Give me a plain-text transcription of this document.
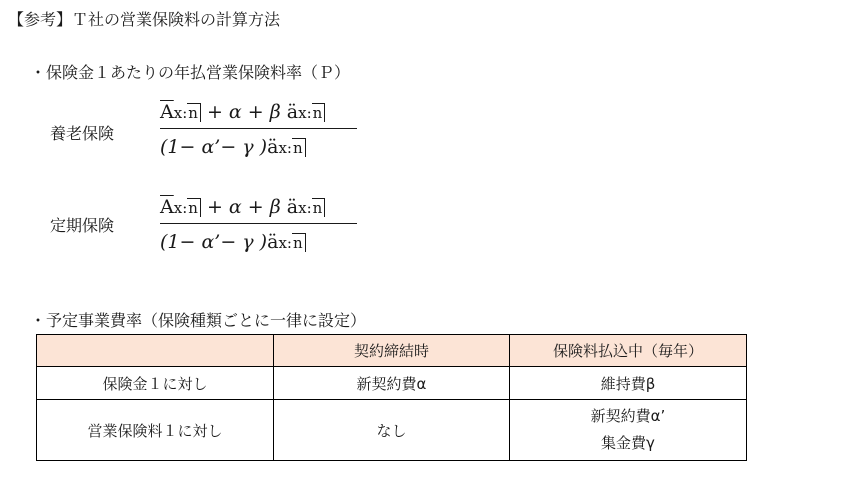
【参考】Ｔ社の営業保険料の計算方法
・保険金１あたりの年払営業保険料率（Ｐ）
養老保険
$\overline{A}x:n + \alpha + \beta$ äx:n
(1− α’− γ )äx:n
定期保険
$\overline{A}x:n + \alpha + \beta$ äx:n
(1− α’− γ )äx:n
・予定事業費率（保険種類ごとに一律に設定）
	契約締結時	保険料払込中（毎年）
保険金１に対し	新契約費α	維持費β
営業保険料１に対し	なし	新契約費α’
集金費γ
